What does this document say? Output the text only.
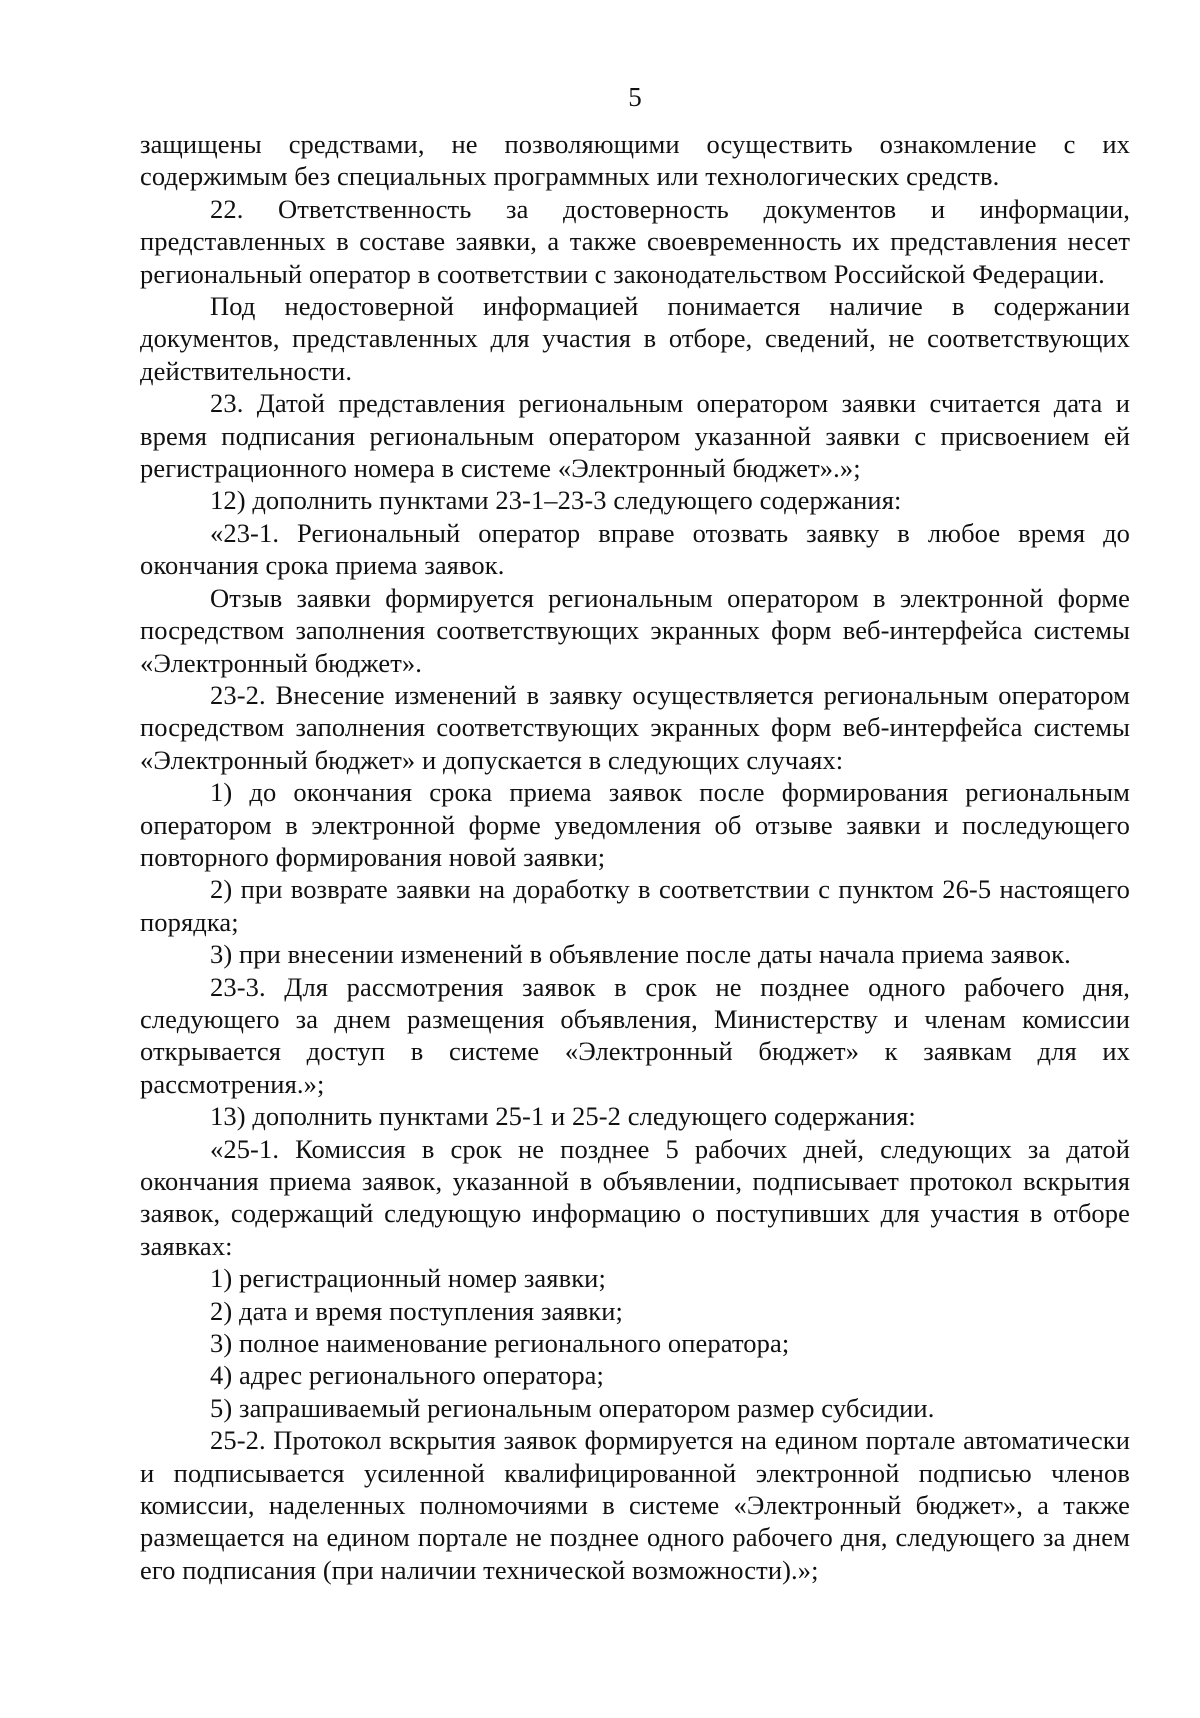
5

защищены средствами, не позволяющими осуществить ознакомление с их содержимым без специальных программных или технологических средств.

22. Ответственность за достоверность документов и информации, представленных в составе заявки, а также своевременность их представления несет региональный оператор в соответствии с законодательством Российской Федерации.

Под недостоверной информацией понимается наличие в содержании документов, представленных для участия в отборе, сведений, не соответствующих действительности.

23. Датой представления региональным оператором заявки считается дата и время подписания региональным оператором указанной заявки с присвоением ей регистрационного номера в системе «Электронный бюджет».»;

12) дополнить пунктами 23-1–23-3 следующего содержания:

«23-1. Региональный оператор вправе отозвать заявку в любое время до окончания срока приема заявок.

Отзыв заявки формируется региональным оператором в электронной форме посредством заполнения соответствующих экранных форм веб-интерфейса системы «Электронный бюджет».

23-2. Внесение изменений в заявку осуществляется региональным оператором посредством заполнения соответствующих экранных форм веб-интерфейса системы «Электронный бюджет» и допускается в следующих случаях:

1) до окончания срока приема заявок после формирования региональным оператором в электронной форме уведомления об отзыве заявки и последующего повторного формирования новой заявки;

2) при возврате заявки на доработку в соответствии с пунктом 26-5 настоящего порядка;

3) при внесении изменений в объявление после даты начала приема заявок.

23-3. Для рассмотрения заявок в срок не позднее одного рабочего дня, следующего за днем размещения объявления, Министерству и членам комиссии открывается доступ в системе «Электронный бюджет» к заявкам для их рассмотрения.»;

13) дополнить пунктами 25-1 и 25-2 следующего содержания:

«25-1. Комиссия в срок не позднее 5 рабочих дней, следующих за датой окончания приема заявок, указанной в объявлении, подписывает протокол вскрытия заявок, содержащий следующую информацию о поступивших для участия в отборе заявках:

1) регистрационный номер заявки;

2) дата и время поступления заявки;

3) полное наименование регионального оператора;

4) адрес регионального оператора;

5) запрашиваемый региональным оператором размер субсидии.

25-2. Протокол вскрытия заявок формируется на едином портале автоматически и подписывается усиленной квалифицированной электронной подписью членов комиссии, наделенных полномочиями в системе «Электронный бюджет», а также размещается на едином портале не позднее одного рабочего дня, следующего за днем его подписания (при наличии технической возможности).»;
